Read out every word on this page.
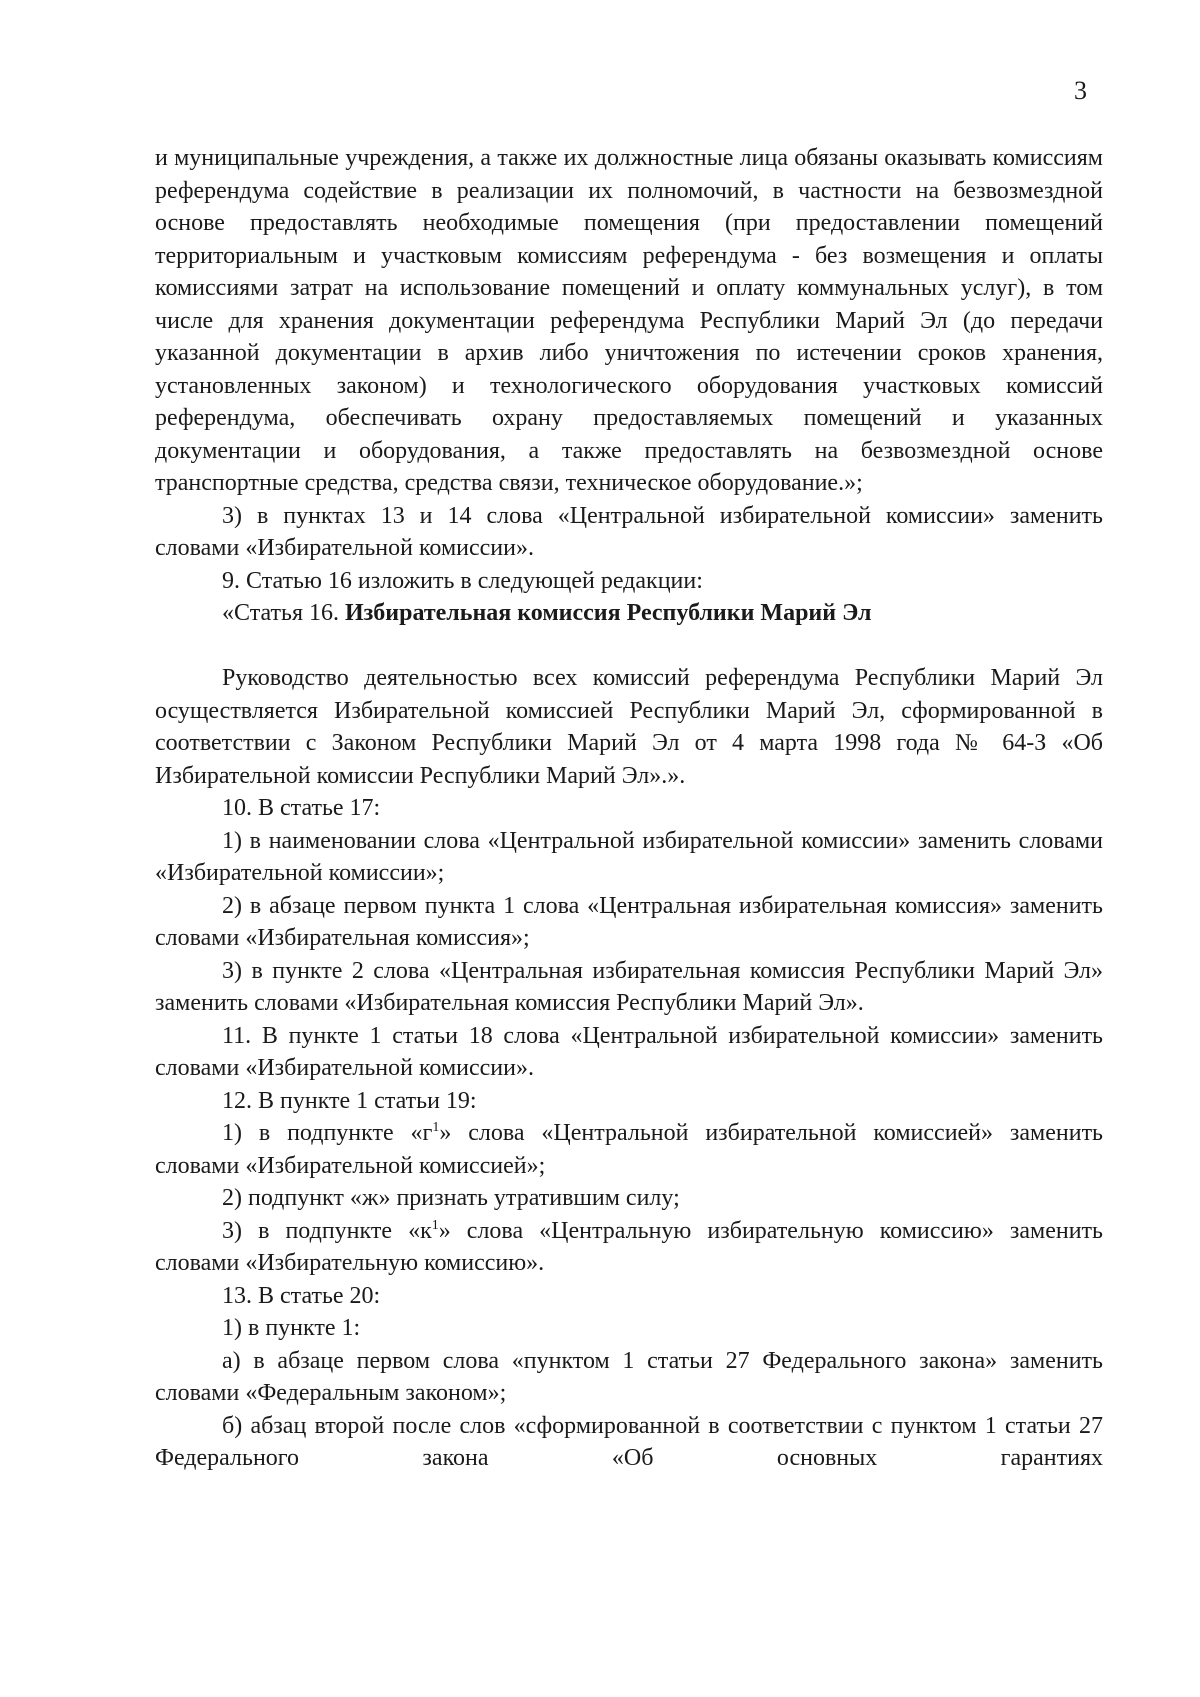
3

и муниципальные учреждения, а также их должностные лица обязаны оказывать комиссиям референдума содействие в реализации их полномочий, в частности на безвозмездной основе предоставлять необходимые помещения (при предоставлении помещений территориальным и участковым комиссиям референдума - без возмещения и оплаты комиссиями затрат на использование помещений и оплату коммунальных услуг), в том числе для хранения документации референдума Республики Марий Эл (до передачи указанной документации в архив либо уничтожения по истечении сроков хранения, установленных законом) и технологического оборудования участковых комиссий референдума, обеспечивать охрану предоставляемых помещений и указанных документации и оборудования, а также предоставлять на безвозмездной основе транспортные средства, средства связи, техническое оборудование.»;

3) в пунктах 13 и 14 слова «Центральной избирательной комиссии» заменить словами «Избирательной комиссии».

9. Статью 16 изложить в следующей редакции:

«Статья 16. Избирательная комиссия Республики Марий Эл

Руководство деятельностью всех комиссий референдума Республики Марий Эл осуществляется Избирательной комиссией Республики Марий Эл, сформированной в соответствии с Законом Республики Марий Эл от 4 марта 1998 года № 64-З «Об Избирательной комиссии Республики Марий Эл».».

10. В статье 17:

1) в наименовании слова «Центральной избирательной комиссии» заменить словами «Избирательной комиссии»;

2) в абзаце первом пункта 1 слова «Центральная избирательная комиссия» заменить словами «Избирательная комиссия»;

3) в пункте 2 слова «Центральная избирательная комиссия Республики Марий Эл» заменить словами «Избирательная комиссия Республики Марий Эл».

11. В пункте 1 статьи 18 слова «Центральной избирательной комиссии» заменить словами «Избирательной комиссии».

12. В пункте 1 статьи 19:

1) в подпункте «$г^1$» слова «Центральной избирательной комиссией» заменить словами «Избирательной комиссией»;

2) подпункт «ж» признать утратившим силу;

3) в подпункте «$к^1$» слова «Центральную избирательную комиссию» заменить словами «Избирательную комиссию».

13. В статье 20:

1) в пункте 1:

а) в абзаце первом слова «пунктом 1 статьи 27 Федерального закона» заменить словами «Федеральным законом»;

б) абзац второй после слов «сформированной в соответствии с пунктом 1 статьи 27 Федерального закона «Об основных гарантиях
